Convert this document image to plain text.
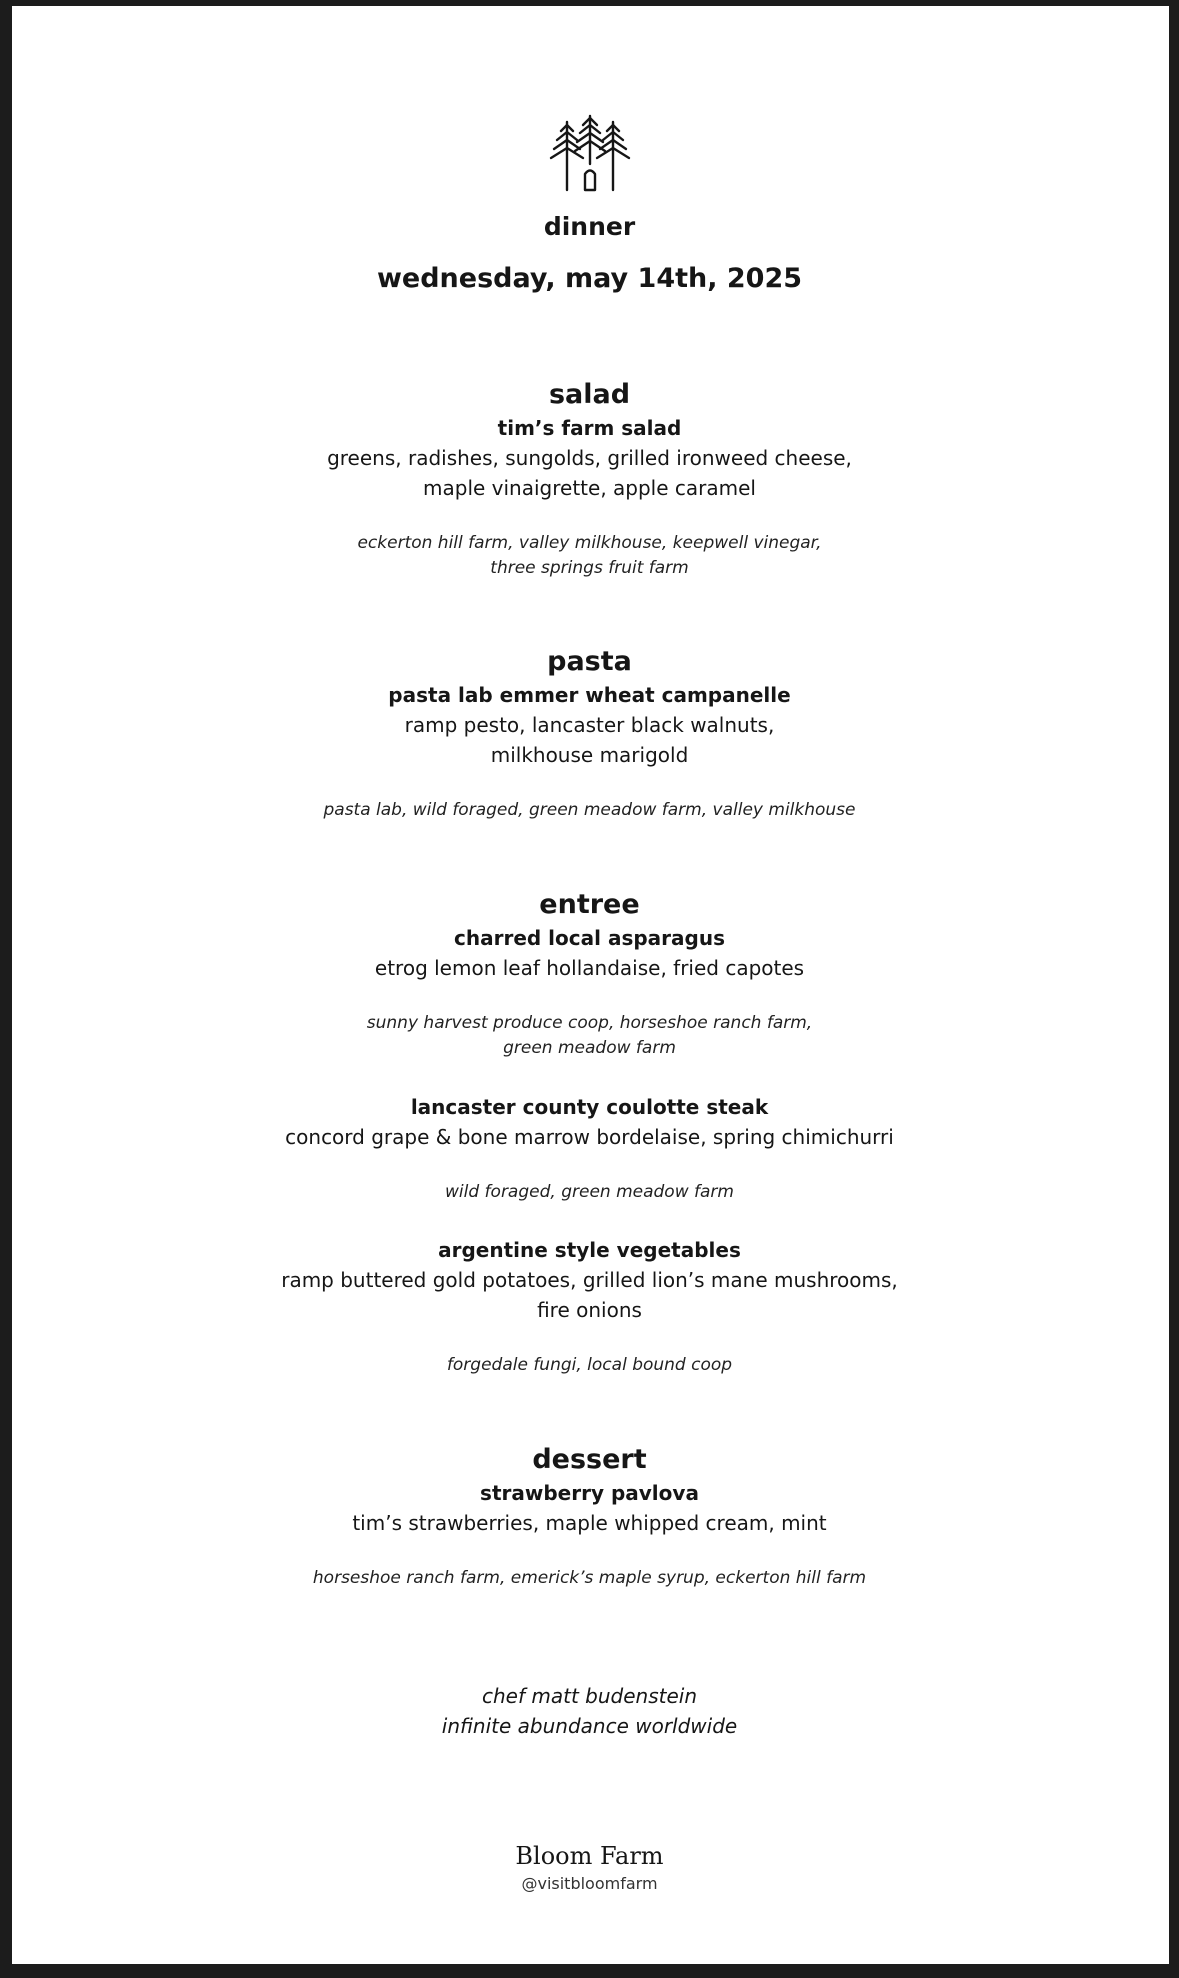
dinner
wednesday, may 14th, 2025
salad
tim’s farm salad
greens, radishes, sungolds, grilled ironweed cheese,
maple vinaigrette, apple caramel
eckerton hill farm, valley milkhouse, keepwell vinegar,
three springs fruit farm
pasta
pasta lab emmer wheat campanelle
ramp pesto, lancaster black walnuts,
milkhouse marigold
pasta lab, wild foraged, green meadow farm, valley milkhouse
entree
charred local asparagus
etrog lemon leaf hollandaise, fried capotes
sunny harvest produce coop, horseshoe ranch farm,
green meadow farm
lancaster county coulotte steak
concord grape & bone marrow bordelaise, spring chimichurri
wild foraged, green meadow farm
argentine style vegetables
ramp buttered gold potatoes, grilled lion’s mane mushrooms,
fire onions
forgedale fungi, local bound coop
dessert
strawberry pavlova
tim’s strawberries, maple whipped cream, mint
horseshoe ranch farm, emerick’s maple syrup, eckerton hill farm
chef matt budenstein
infinite abundance worldwide
Bloom Farm
@visitbloomfarm
